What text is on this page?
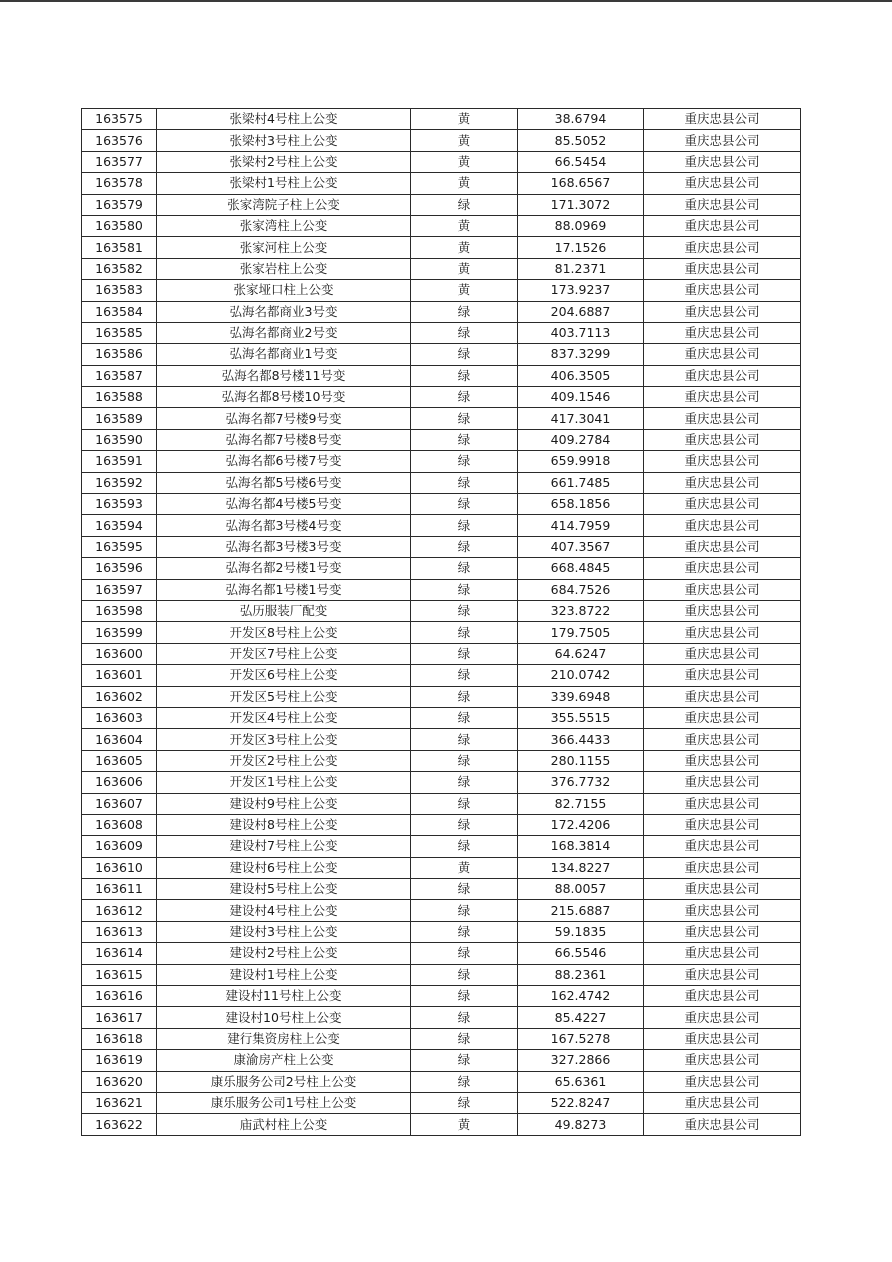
163575	张梁村4号柱上公变	黄	38.6794	重庆忠县公司
163576	张梁村3号柱上公变	黄	85.5052	重庆忠县公司
163577	张梁村2号柱上公变	黄	66.5454	重庆忠县公司
163578	张梁村1号柱上公变	黄	168.6567	重庆忠县公司
163579	张家湾院子柱上公变	绿	171.3072	重庆忠县公司
163580	张家湾柱上公变	黄	88.0969	重庆忠县公司
163581	张家河柱上公变	黄	17.1526	重庆忠县公司
163582	张家岩柱上公变	黄	81.2371	重庆忠县公司
163583	张家垭口柱上公变	黄	173.9237	重庆忠县公司
163584	弘海名都商业3号变	绿	204.6887	重庆忠县公司
163585	弘海名都商业2号变	绿	403.7113	重庆忠县公司
163586	弘海名都商业1号变	绿	837.3299	重庆忠县公司
163587	弘海名都8号楼11号变	绿	406.3505	重庆忠县公司
163588	弘海名都8号楼10号变	绿	409.1546	重庆忠县公司
163589	弘海名都7号楼9号变	绿	417.3041	重庆忠县公司
163590	弘海名都7号楼8号变	绿	409.2784	重庆忠县公司
163591	弘海名都6号楼7号变	绿	659.9918	重庆忠县公司
163592	弘海名都5号楼6号变	绿	661.7485	重庆忠县公司
163593	弘海名都4号楼5号变	绿	658.1856	重庆忠县公司
163594	弘海名都3号楼4号变	绿	414.7959	重庆忠县公司
163595	弘海名都3号楼3号变	绿	407.3567	重庆忠县公司
163596	弘海名都2号楼1号变	绿	668.4845	重庆忠县公司
163597	弘海名都1号楼1号变	绿	684.7526	重庆忠县公司
163598	弘历服装厂配变	绿	323.8722	重庆忠县公司
163599	开发区8号柱上公变	绿	179.7505	重庆忠县公司
163600	开发区7号柱上公变	绿	64.6247	重庆忠县公司
163601	开发区6号柱上公变	绿	210.0742	重庆忠县公司
163602	开发区5号柱上公变	绿	339.6948	重庆忠县公司
163603	开发区4号柱上公变	绿	355.5515	重庆忠县公司
163604	开发区3号柱上公变	绿	366.4433	重庆忠县公司
163605	开发区2号柱上公变	绿	280.1155	重庆忠县公司
163606	开发区1号柱上公变	绿	376.7732	重庆忠县公司
163607	建设村9号柱上公变	绿	82.7155	重庆忠县公司
163608	建设村8号柱上公变	绿	172.4206	重庆忠县公司
163609	建设村7号柱上公变	绿	168.3814	重庆忠县公司
163610	建设村6号柱上公变	黄	134.8227	重庆忠县公司
163611	建设村5号柱上公变	绿	88.0057	重庆忠县公司
163612	建设村4号柱上公变	绿	215.6887	重庆忠县公司
163613	建设村3号柱上公变	绿	59.1835	重庆忠县公司
163614	建设村2号柱上公变	绿	66.5546	重庆忠县公司
163615	建设村1号柱上公变	绿	88.2361	重庆忠县公司
163616	建设村11号柱上公变	绿	162.4742	重庆忠县公司
163617	建设村10号柱上公变	绿	85.4227	重庆忠县公司
163618	建行集资房柱上公变	绿	167.5278	重庆忠县公司
163619	康渝房产柱上公变	绿	327.2866	重庆忠县公司
163620	康乐服务公司2号柱上公变	绿	65.6361	重庆忠县公司
163621	康乐服务公司1号柱上公变	绿	522.8247	重庆忠县公司
163622	庙武村柱上公变	黄	49.8273	重庆忠县公司
